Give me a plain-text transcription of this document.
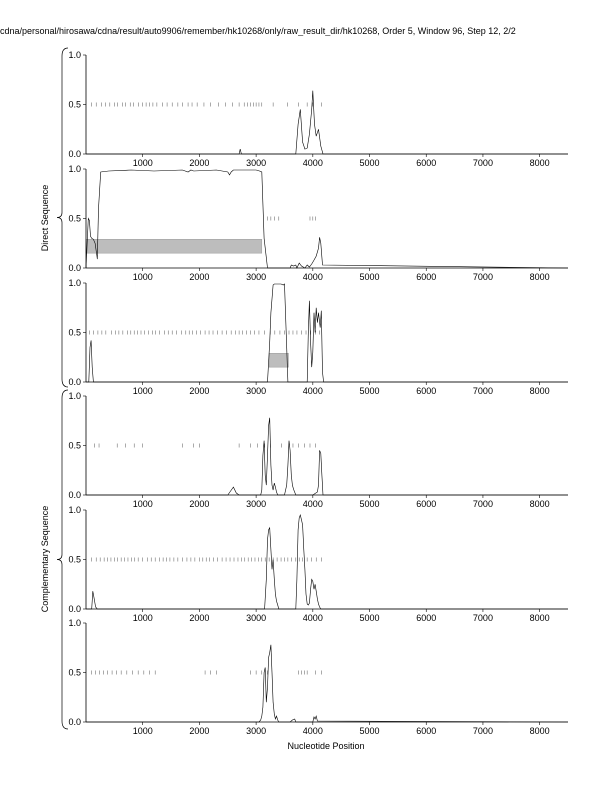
cdna/personal/hirosawa/cdna/result/auto9906/remember/hk10268/only/raw_result_dir/hk10268, Order 5, Window 96, Step 12, 2/2
0.0
0.5
1.0
1000	2000	3000	4000	5000	6000	7000	8000
0.0
0.5
1.0
1000	2000	3000	4000	5000	6000	7000	8000
0.0
0.5
1.0
1000	2000	3000	4000	5000	6000	7000	8000
0.0
0.5
1.0
1000	2000	3000	4000	5000	6000	7000	8000
0.0
0.5
1.0
1000	2000	3000	4000	5000	6000	7000	8000
0.0
0.5
1.0
1000	2000	3000	4000	5000	6000	7000	8000
Direct Sequence
Complementary Sequence
Nucleotide Position
